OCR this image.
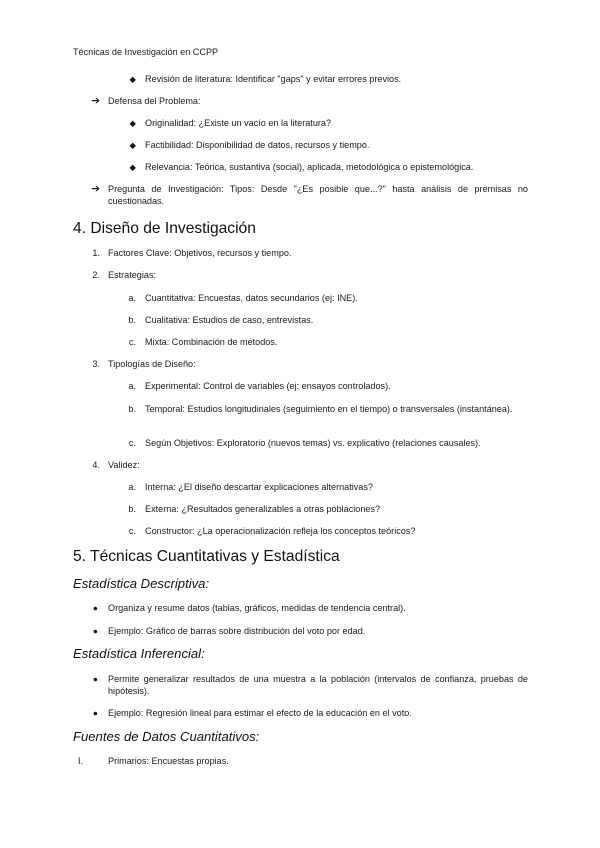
Técnicas de Investigación en CCPP
◆ Revisión de literatura: Identificar "gaps" y evitar errores previos.
➔ Defensa del Problema:
◆ Originalidad: ¿Existe un vacío en la literatura?
◆ Factibilidad: Disponibilidad de datos, recursos y tiempo.
◆ Relevancia: Teórica, sustantiva (social), aplicada, metodológica o epistemológica.
➔ Pregunta de Investigación: Tipos: Desde "¿Es posible que...?" hasta análisis de premisas no cuestionadas.
4. Diseño de Investigación
1. Factores Clave: Objetivos, recursos y tiempo.
2. Estrategias:
a. Cuantitativa: Encuestas, datos secundarios (ej: INE).
b. Cualitativa: Estudios de caso, entrevistas.
c. Mixta: Combinación de métodos.
3. Tipologías de Diseño:
a. Experimental: Control de variables (ej: ensayos controlados).
b. Temporal: Estudios longitudinales (seguimiento en el tiempo) o transversales (instantánea).
c. Según Objetivos: Exploratorio (nuevos temas) vs. explicativo (relaciones causales).
4. Validez:
a. Interna: ¿El diseño descartar explicaciones alternativas?
b. Externa: ¿Resultados generalizables a otras poblaciones?
c. Constructor: ¿La operacionalización refleja los conceptos teóricos?
5. Técnicas Cuantitativas y Estadística
Estadística Descriptiva:
● Organiza y resume datos (tablas, gráficos, medidas de tendencia central).
● Ejemplo: Gráfico de barras sobre distribución del voto por edad.
Estadística Inferencial:
● Permite generalizar resultados de una muestra a la población (intervalos de confianza, pruebas de hipótesis).
● Ejemplo: Regresión lineal para estimar el efecto de la educación en el voto.
Fuentes de Datos Cuantitativos:
I.	Primarios: Encuestas propias.
